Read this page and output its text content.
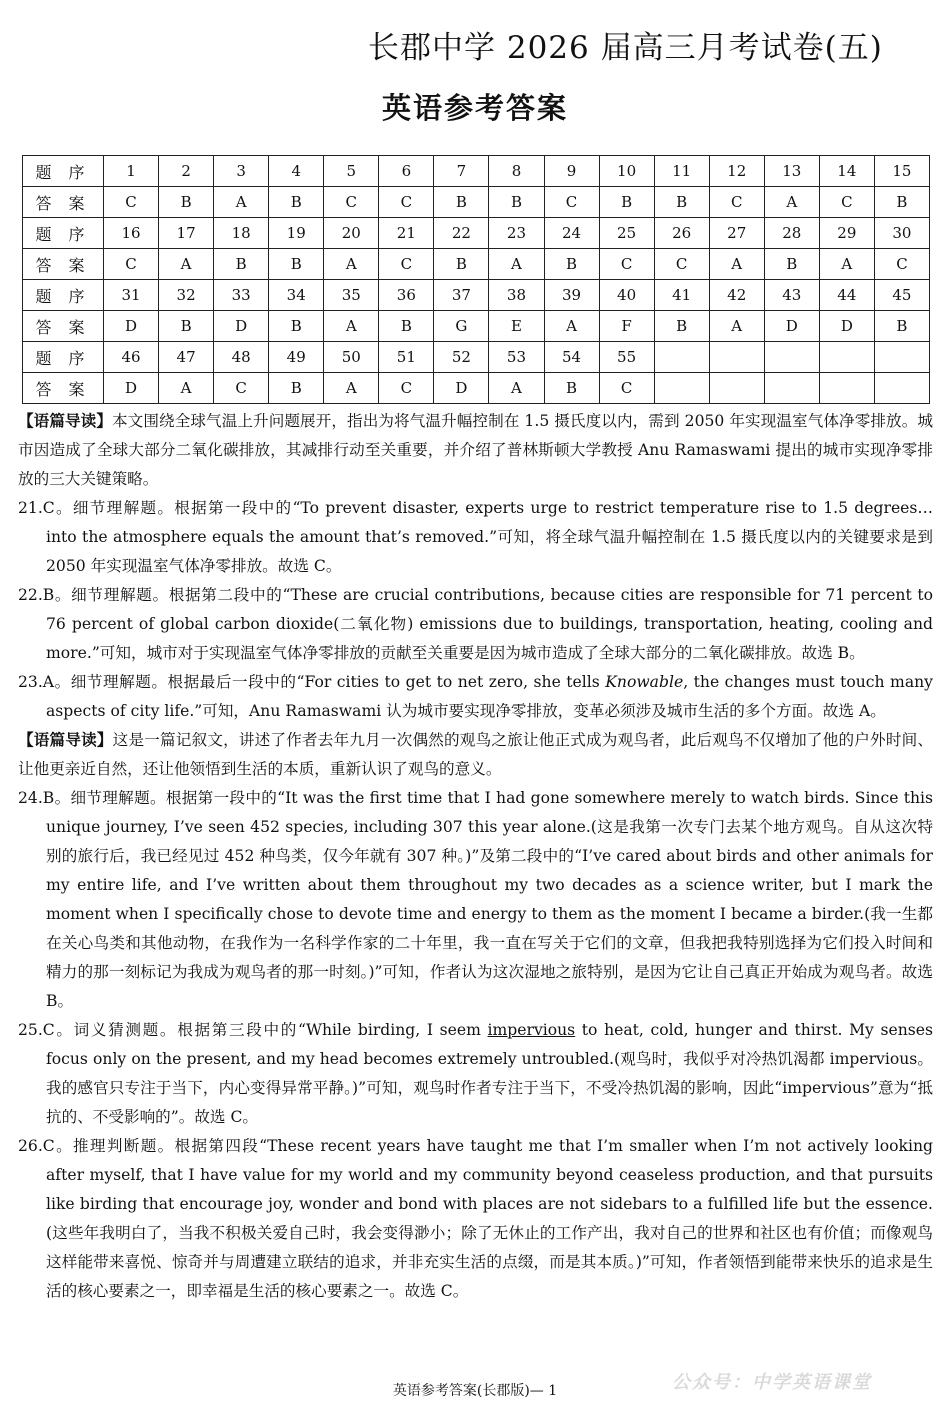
长郡中学 2026 届高三月考试卷(五)
英语参考答案
题 序	1	2	3	4	5	6	7	8	9	10	11	12	13	14	15
答 案	C	B	A	B	C	C	B	B	C	B	B	C	A	C	B
题 序	16	17	18	19	20	21	22	23	24	25	26	27	28	29	30
答 案	C	A	B	B	A	C	B	A	B	C	C	A	B	A	C
题 序	31	32	33	34	35	36	37	38	39	40	41	42	43	44	45
答 案	D	B	D	B	A	B	G	E	A	F	B	A	D	D	B
题 序	46	47	48	49	50	51	52	53	54	55					
答 案	D	A	C	B	A	C	D	A	B	C					

【语篇导读】本文围绕全球气温上升问题展开，指出为将气温升幅控制在 1.5 摄氏度以内，需到 2050 年实现温室气体净零排放。城市因造成了全球大部分二氧化碳排放，其减排行动至关重要，并介绍了普林斯顿大学教授 Anu Ramaswami 提出的城市实现净零排放的三大关键策略。

21.C。细节理解题。根据第一段中的“To prevent disaster, experts urge to restrict temperature rise to 1.5 degrees… into the atmosphere equals the amount that’s removed.”可知，将全球气温升幅控制在 1.5 摄氏度以内的关键要求是到 2050 年实现温室气体净零排放。故选 C。

22.B。细节理解题。根据第二段中的“These are crucial contributions, because cities are responsible for 71 percent to 76 percent of global carbon dioxide(二氧化物) emissions due to buildings, transportation, heating, cooling and more.”可知，城市对于实现温室气体净零排放的贡献至关重要是因为城市造成了全球大部分的二氧化碳排放。故选 B。

23.A。细节理解题。根据最后一段中的“For cities to get to net zero, she tells Knowable, the changes must touch many aspects of city life.”可知，Anu Ramaswami 认为城市要实现净零排放，变革必须涉及城市生活的多个方面。故选 A。

【语篇导读】这是一篇记叙文，讲述了作者去年九月一次偶然的观鸟之旅让他正式成为观鸟者，此后观鸟不仅增加了他的户外时间、让他更亲近自然，还让他领悟到生活的本质，重新认识了观鸟的意义。

24.B。细节理解题。根据第一段中的“It was the first time that I had gone somewhere merely to watch birds. Since this unique journey, I’ve seen 452 species, including 307 this year alone.(这是我第一次专门去某个地方观鸟。自从这次特别的旅行后，我已经见过 452 种鸟类，仅今年就有 307 种。)”及第二段中的“I’ve cared about birds and other animals for my entire life, and I’ve written about them throughout my two decades as a science writer, but I mark the moment when I specifically chose to devote time and energy to them as the moment I became a birder.(我一生都在关心鸟类和其他动物，在我作为一名科学作家的二十年里，我一直在写关于它们的文章，但我把我特别选择为它们投入时间和精力的那一刻标记为我成为观鸟者的那一时刻。)”可知，作者认为这次湿地之旅特别，是因为它让自己真正开始成为观鸟者。故选 B。

25.C。词义猜测题。根据第三段中的“While birding, I seem impervious to heat, cold, hunger and thirst. My senses focus only on the present, and my head becomes extremely untroubled.(观鸟时，我似乎对冷热饥渴都 impervious。我的感官只专注于当下，内心变得异常平静。)”可知，观鸟时作者专注于当下，不受冷热饥渴的影响，因此“impervious”意为“抵抗的、不受影响的”。故选 C。

26.C。推理判断题。根据第四段“These recent years have taught me that I’m smaller when I’m not actively looking after myself, that I have value for my world and my community beyond ceaseless production, and that pursuits like birding that encourage joy, wonder and bond with places are not sidebars to a fulfilled life but the essence.(这些年我明白了，当我不积极关爱自己时，我会变得渺小；除了无休止的工作产出，我对自己的世界和社区也有价值；而像观鸟这样能带来喜悦、惊奇并与周遭建立联结的追求，并非充实生活的点缀，而是其本质。)”可知，作者领悟到能带来快乐的追求是生活的核心要素之一，即幸福是生活的核心要素之一。故选 C。

英语参考答案(长郡版)— 1	公众号：中学英语课堂
